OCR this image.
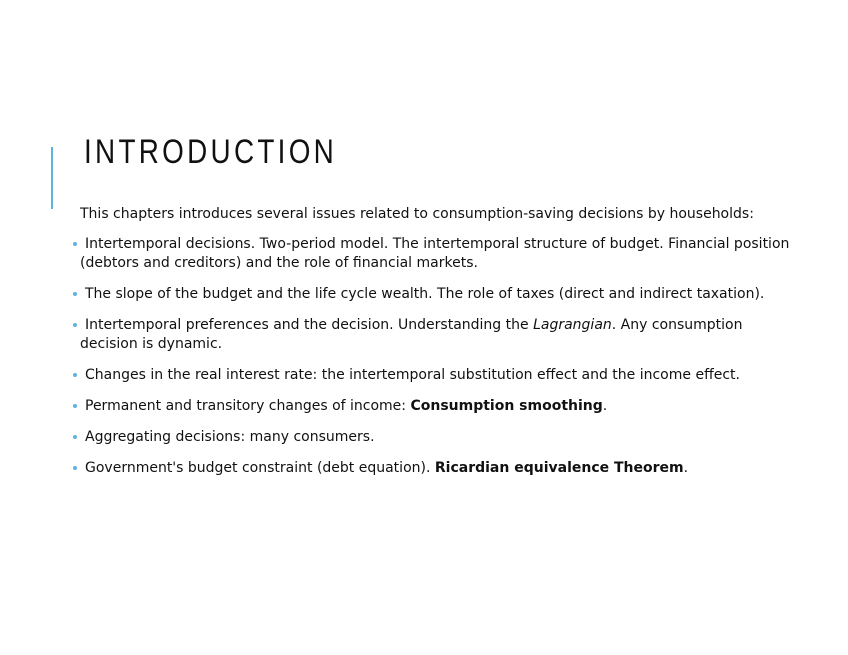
INTRODUCTION

This chapters introduces several issues related to consumption-saving decisions by households:

Intertemporal decisions. Two-period model. The intertemporal structure of budget. Financial position (debtors and creditors) and the role of financial markets.
The slope of the budget and the life cycle wealth. The role of taxes (direct and indirect taxation).
Intertemporal preferences and the decision. Understanding the Lagrangian. Any consumption decision is dynamic.
Changes in the real interest rate: the intertemporal substitution effect and the income effect.
Permanent and transitory changes of income: Consumption smoothing.
Aggregating decisions: many consumers.
Government's budget constraint (debt equation). Ricardian equivalence Theorem.
